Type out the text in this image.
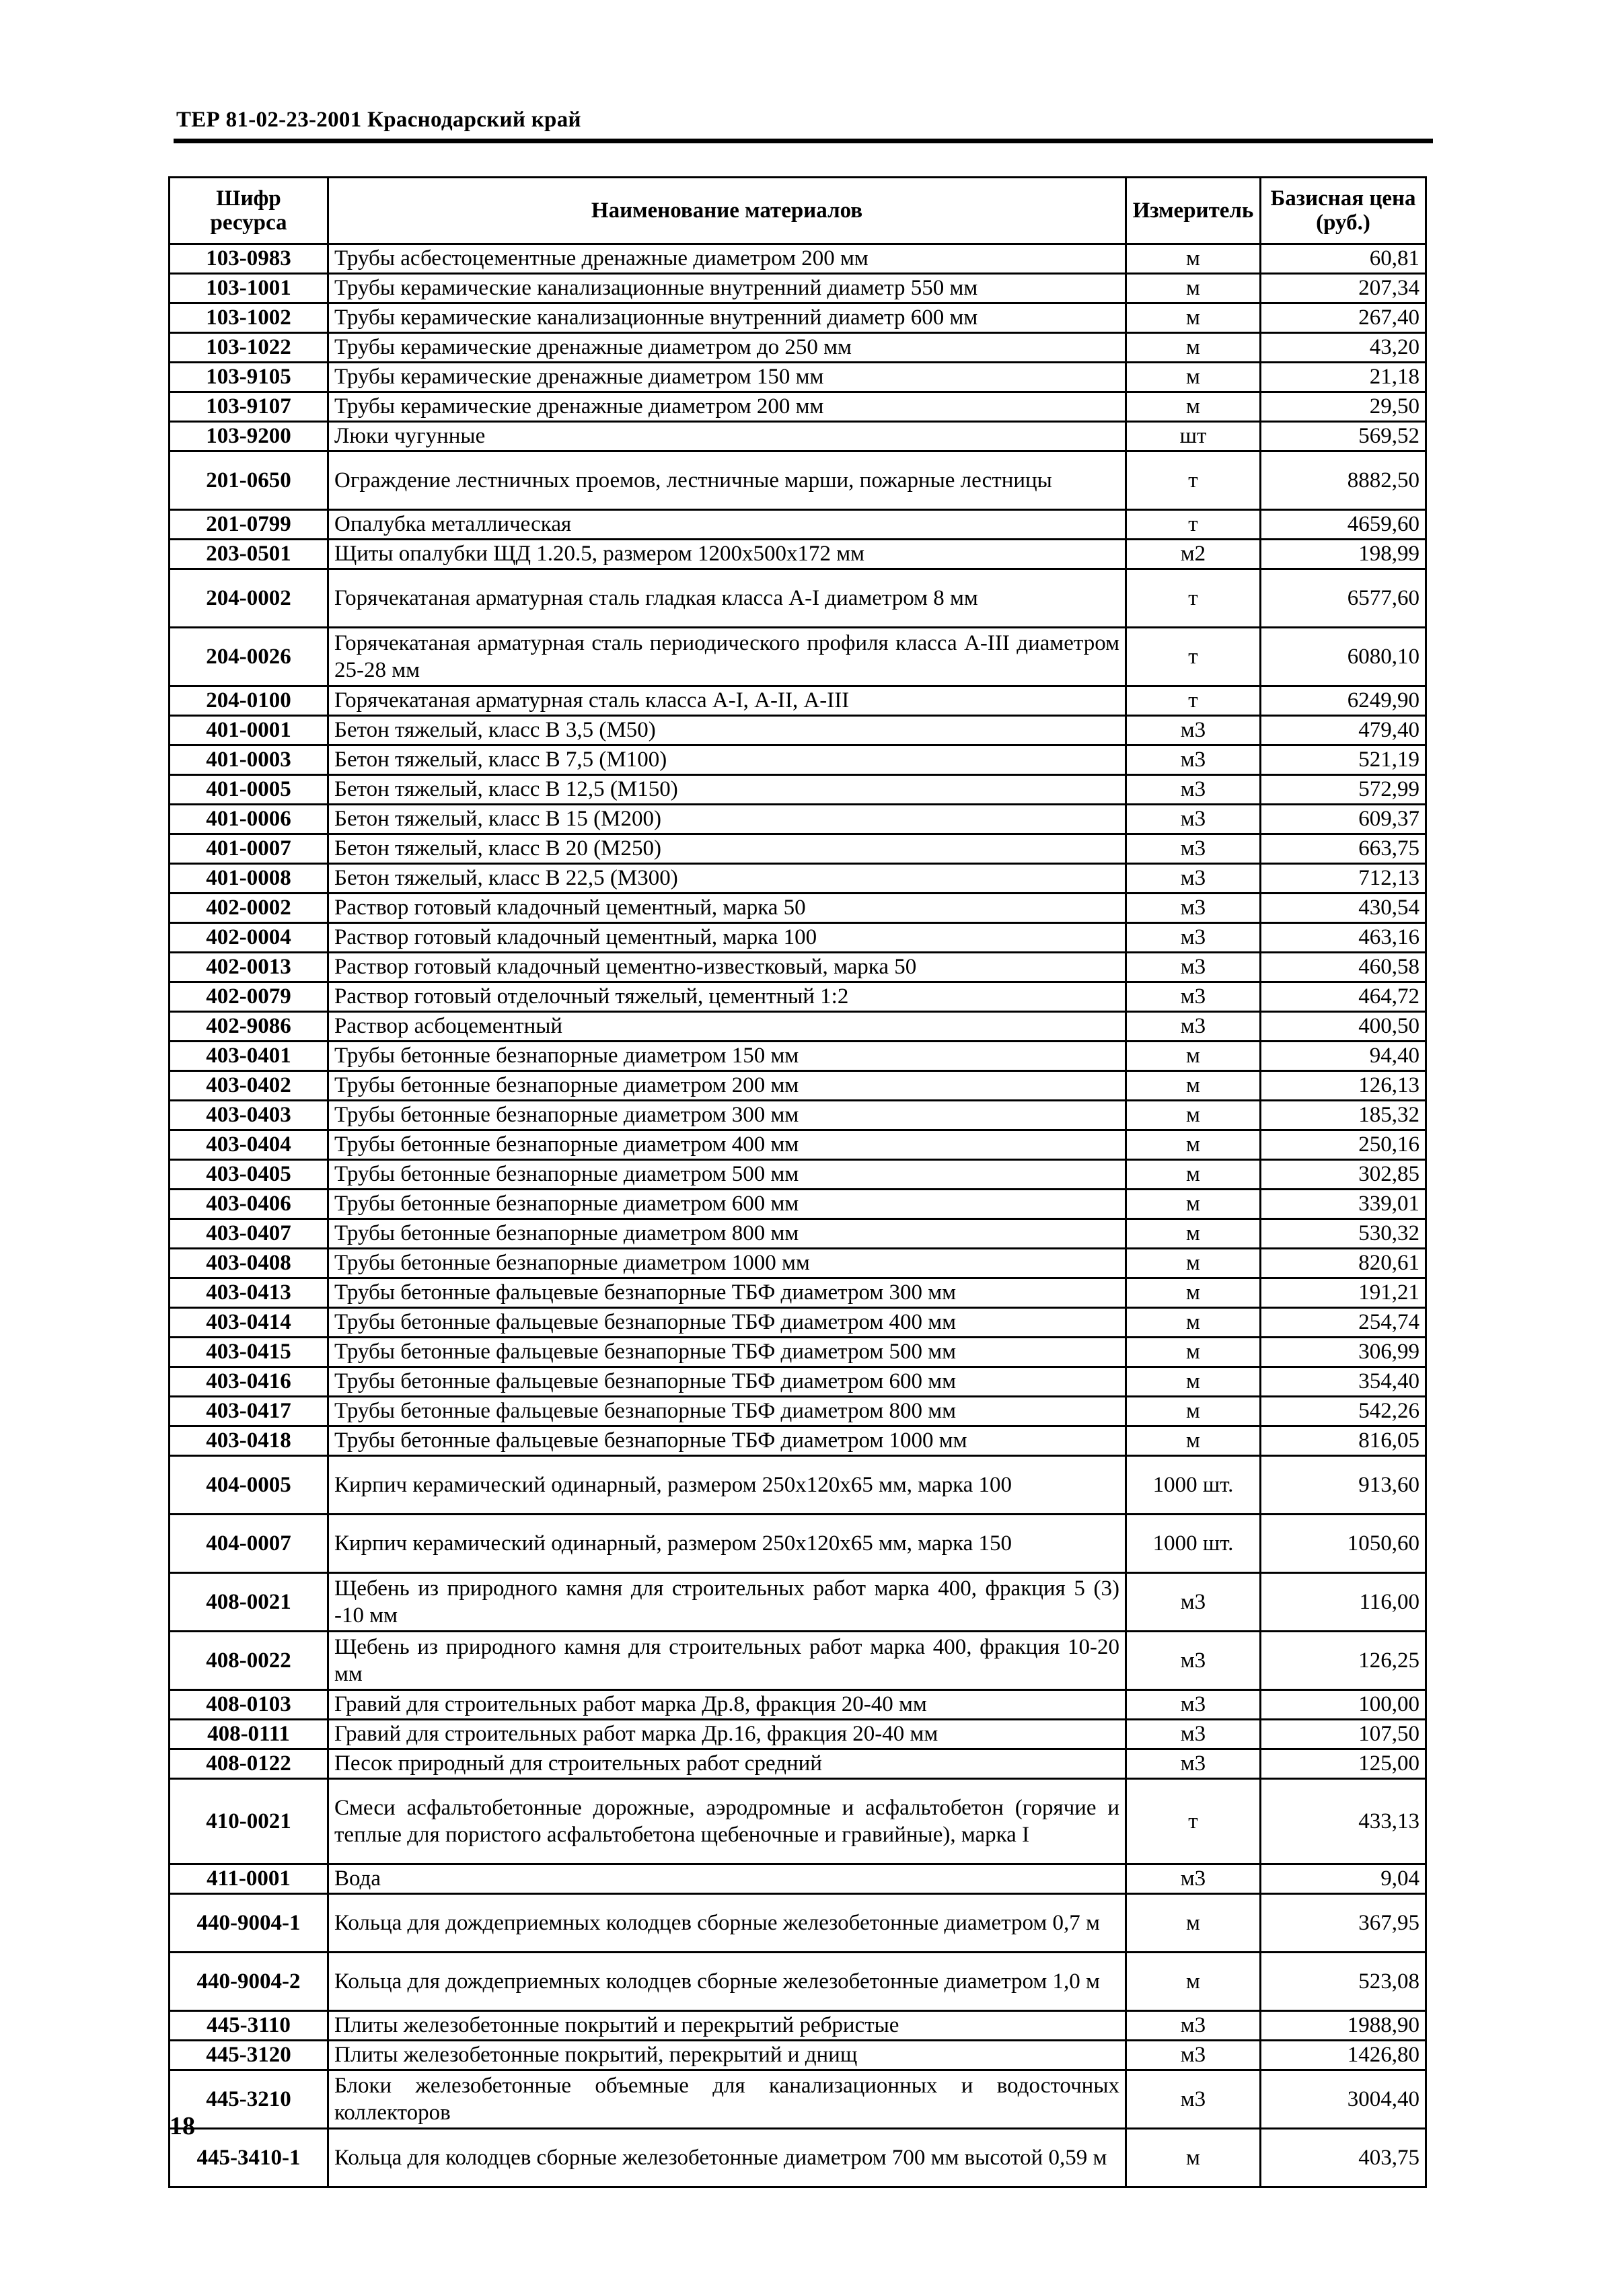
ТЕР 81-02-23-2001 Краснодарский край
Шифр ресурса	Наименование материалов	Измеритель	Базисная цена (руб.)
103-0983	Трубы асбестоцементные дренажные диаметром 200 мм	м	60,81
103-1001	Трубы керамические канализационные внутренний диаметр 550 мм	м	207,34
103-1002	Трубы керамические канализационные внутренний диаметр 600 мм	м	267,40
103-1022	Трубы керамические дренажные диаметром до 250 мм	м	43,20
103-9105	Трубы керамические дренажные диаметром 150 мм	м	21,18
103-9107	Трубы керамические дренажные диаметром 200 мм	м	29,50
103-9200	Люки чугунные	шт	569,52
201-0650	Ограждение лестничных проемов, лестничные марши, пожарные лестницы	т	8882,50
201-0799	Опалубка металлическая	т	4659,60
203-0501	Щиты опалубки ЩД 1.20.5, размером 1200х500х172 мм	м2	198,99
204-0002	Горячекатаная арматурная сталь гладкая класса А-I диаметром 8 мм	т	6577,60
204-0026	Горячекатаная арматурная сталь периодического профиля класса А-III диаметром 25-28 мм	т	6080,10
204-0100	Горячекатаная арматурная сталь класса А-I, А-II, А-III	т	6249,90
401-0001	Бетон тяжелый, класс В 3,5 (М50)	м3	479,40
401-0003	Бетон тяжелый, класс В 7,5 (М100)	м3	521,19
401-0005	Бетон тяжелый, класс В 12,5 (М150)	м3	572,99
401-0006	Бетон тяжелый, класс В 15 (М200)	м3	609,37
401-0007	Бетон тяжелый, класс В 20 (М250)	м3	663,75
401-0008	Бетон тяжелый, класс В 22,5 (М300)	м3	712,13
402-0002	Раствор готовый кладочный цементный, марка 50	м3	430,54
402-0004	Раствор готовый кладочный цементный, марка 100	м3	463,16
402-0013	Раствор готовый кладочный цементно-известковый, марка 50	м3	460,58
402-0079	Раствор готовый отделочный тяжелый, цементный 1:2	м3	464,72
402-9086	Раствор асбоцементный	м3	400,50
403-0401	Трубы бетонные безнапорные диаметром 150 мм	м	94,40
403-0402	Трубы бетонные безнапорные диаметром 200 мм	м	126,13
403-0403	Трубы бетонные безнапорные диаметром 300 мм	м	185,32
403-0404	Трубы бетонные безнапорные диаметром 400 мм	м	250,16
403-0405	Трубы бетонные безнапорные диаметром 500 мм	м	302,85
403-0406	Трубы бетонные безнапорные диаметром 600 мм	м	339,01
403-0407	Трубы бетонные безнапорные диаметром 800 мм	м	530,32
403-0408	Трубы бетонные безнапорные диаметром 1000 мм	м	820,61
403-0413	Трубы бетонные фальцевые безнапорные ТБФ диаметром 300 мм	м	191,21
403-0414	Трубы бетонные фальцевые безнапорные ТБФ диаметром 400 мм	м	254,74
403-0415	Трубы бетонные фальцевые безнапорные ТБФ диаметром 500 мм	м	306,99
403-0416	Трубы бетонные фальцевые безнапорные ТБФ диаметром 600 мм	м	354,40
403-0417	Трубы бетонные фальцевые безнапорные ТБФ диаметром 800 мм	м	542,26
403-0418	Трубы бетонные фальцевые безнапорные ТБФ диаметром 1000 мм	м	816,05
404-0005	Кирпич керамический одинарный, размером 250х120х65 мм, марка 100	1000 шт.	913,60
404-0007	Кирпич керамический одинарный, размером 250х120х65 мм, марка 150	1000 шт.	1050,60
408-0021	Щебень из природного камня для строительных работ марка 400, фракция 5 (3) -10 мм	м3	116,00
408-0022	Щебень из природного камня для строительных работ марка 400, фракция 10-20 мм	м3	126,25
408-0103	Гравий для строительных работ марка Др.8, фракция 20-40 мм	м3	100,00
408-0111	Гравий для строительных работ марка Др.16, фракция 20-40 мм	м3	107,50
408-0122	Песок природный для строительных работ средний	м3	125,00
410-0021	Смеси асфальтобетонные дорожные, аэродромные и асфальтобетон (горячие и теплые для пористого асфальтобетона щебеночные и гравийные), марка I	т	433,13
411-0001	Вода	м3	9,04
440-9004-1	Кольца для дождеприемных колодцев сборные железобетонные диаметром 0,7 м	м	367,95
440-9004-2	Кольца для дождеприемных колодцев сборные железобетонные диаметром 1,0 м	м	523,08
445-3110	Плиты железобетонные покрытий и перекрытий ребристые	м3	1988,90
445-3120	Плиты железобетонные покрытий, перекрытий и днищ	м3	1426,80
445-3210	Блоки железобетонные объемные для канализационных и водосточных коллекторов	м3	3004,40
445-3410-1	Кольца для колодцев сборные железобетонные диаметром 700 мм высотой 0,59 м	м	403,75
18
